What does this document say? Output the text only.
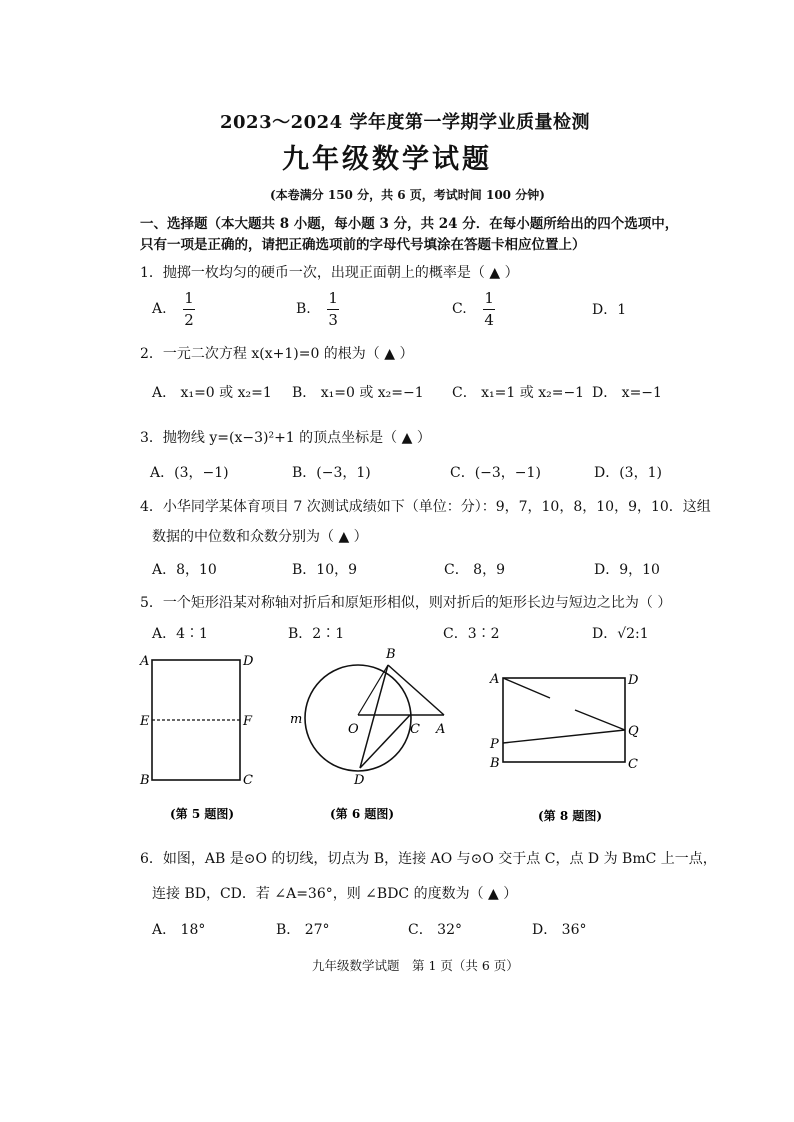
2023～2024 学年度第一学期学业质量检测
九年级数学试题
(本卷满分 150 分，共 6 页，考试时间 100 分钟)
一、选择题（本大题共 8 小题，每小题 3 分，共 24 分．在每小题所给出的四个选项中，
只有一项是正确的，请把正确选项前的字母代号填涂在答题卡相应位置上）
1．抛掷一枚均匀的硬币一次，出现正面朝上的概率是（ ▲ ）
A. $\frac{1}{2}$	B. $\frac{1}{3}$	C. $\frac{1}{4}$	D．1
2．一元二次方程 x(x+1)=0 的根为（ ▲ ）
A． x₁=0 或 x₂=1 B． x₁=0 或 x₂=−1 C． x₁=1 或 x₂=−1 D． x=−1
3．抛物线 y=(x−3)²+1 的顶点坐标是（ ▲ ）
A．(3，−1)	B．(−3，1)	C．(−3，−1)	D．(3，1)
4．小华同学某体育项目 7 次测试成绩如下（单位：分）：9，7，10，8，10，9，10．这组
数据的中位数和众数分别为（ ▲ ）
A．8，10	B．10，9	C． 8，9	D．9，10
5．一个矩形沿某对称轴对折后和原矩形相似，则对折后的矩形长边与短边之比为（ ）
A．4∶1	B．2∶1	C．3∶2	D．√2:1
A	D
E	F
B	C
(第 5 题图)
B
m
O	C A
D
(第 6 题图)
A	D
P
Q
B	C
(第 8 题图)
6．如图，AB 是⊙O 的切线，切点为 B，连接 AO 与⊙O 交于点 C，点 D 为 BmC 上一点，
连接 BD，CD．若 ∠A=36°，则 ∠BDC 的度数为（ ▲ ）
A． 18°	B． 27°	C． 32°	D． 36°
九年级数学试题　第 1 页（共 6 页）
